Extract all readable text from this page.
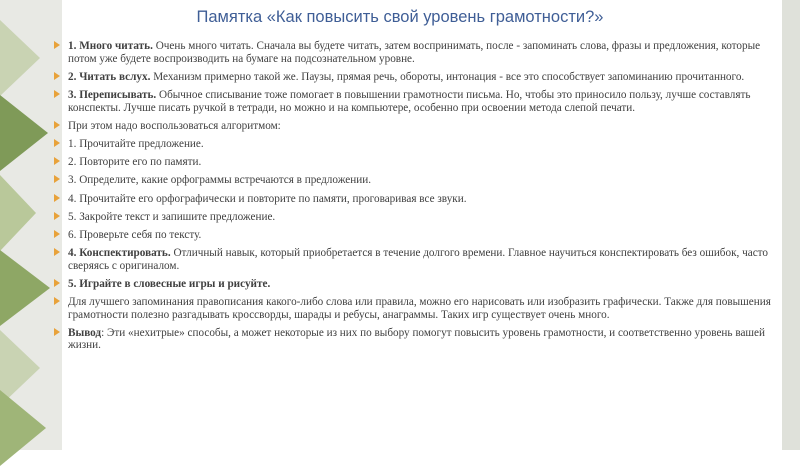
Памятка «Как повысить свой уровень грамотности?»
1. Много читать. Очень много читать. Сначала вы будете читать, затем воспринимать, после - запоминать слова, фразы и предложения, которые потом уже будете воспроизводить на бумаге на подсознательном уровне.
2. Читать вслух. Механизм примерно такой же. Паузы, прямая речь, обороты, интонация - все это способствует запоминанию прочитанного.
3. Переписывать. Обычное списывание тоже помогает в повышении грамотности письма. Но, чтобы это приносило пользу, лучше составлять конспекты. Лучше писать ручкой в тетради, но можно и на компьютере, особенно при освоении метода слепой печати.
При этом надо воспользоваться алгоритмом:
1. Прочитайте предложение.
2. Повторите его по памяти.
3. Определите, какие орфограммы встречаются в предложении.
4. Прочитайте его орфографически и повторите по памяти, проговаривая все звуки.
5. Закройте текст и запишите предложение.
6. Проверьте себя по тексту.
4. Конспектировать. Отличный навык, который приобретается в течение долгого времени. Главное научиться конспектировать без ошибок, часто сверяясь с оригиналом.
5. Играйте в словесные игры и рисуйте.
Для лучшего запоминания правописания какого-либо слова или правила, можно его нарисовать или изобразить графически. Также для повышения грамотности полезно разгадывать кроссворды, шарады и ребусы, анаграммы. Таких игр существует очень много.
Вывод: Эти «нехитрые» способы, а может некоторые из них по выбору помогут повысить уровень грамотности, и соответственно уровень вашей жизни.
